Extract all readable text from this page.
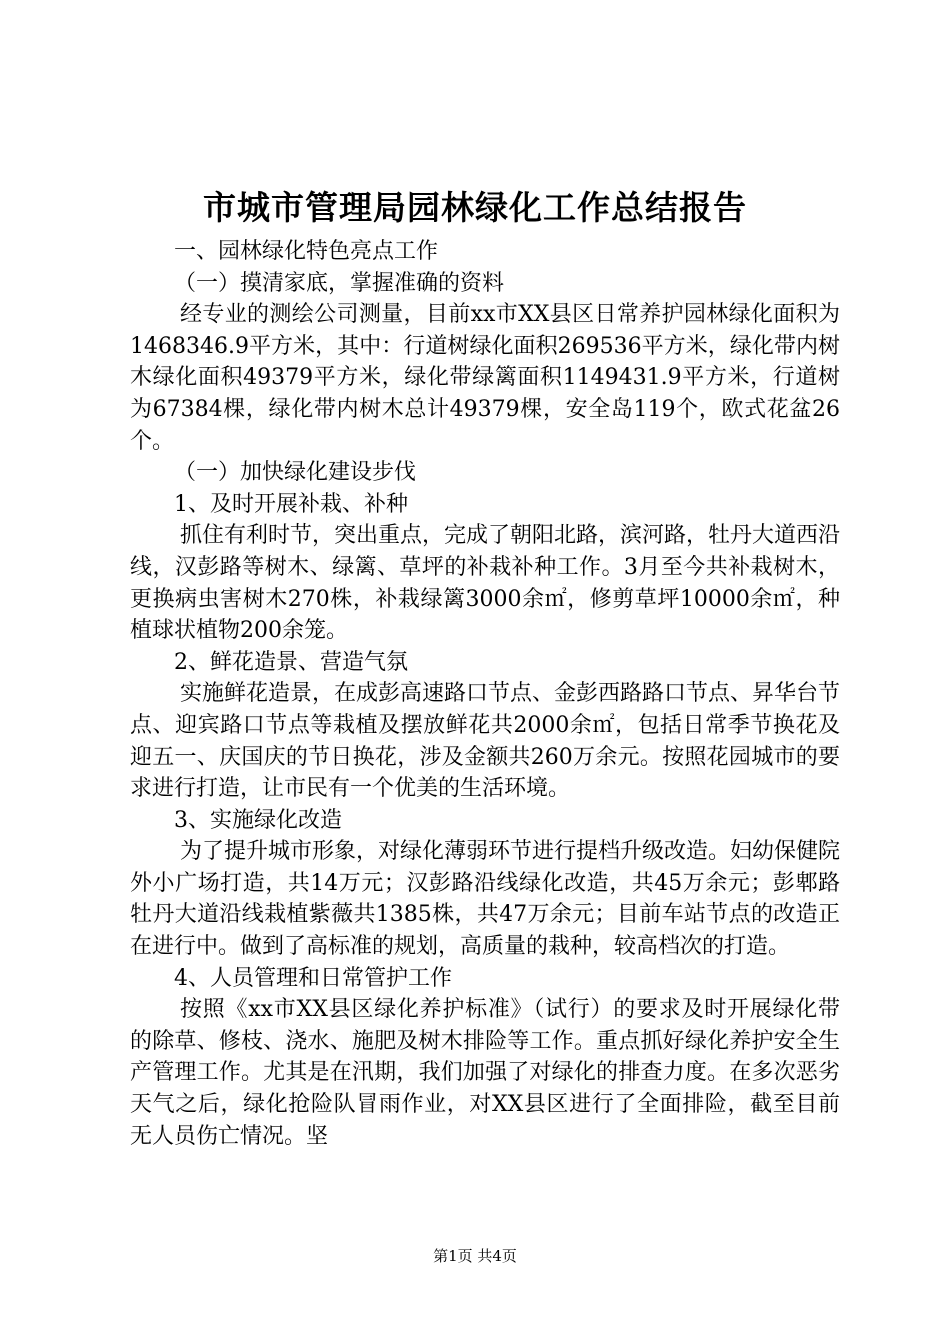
市城市管理局园林绿化工作总结报告

一、园林绿化特色亮点工作

（一）摸清家底，掌握准确的资料

经专业的测绘公司测量，目前xx市XX县区日常养护园林绿化面积为1468346.9平方米，其中：行道树绿化面积269536平方米，绿化带内树木绿化面积49379平方米，绿化带绿篱面积1149431.9平方米，行道树为67384棵，绿化带内树木总计49379棵，安全岛119个，欧式花盆26个。

（一）加快绿化建设步伐

1、及时开展补栽、补种

抓住有利时节，突出重点，完成了朝阳北路，滨河路，牡丹大道西沿线，汉彭路等树木、绿篱、草坪的补栽补种工作。3月至今共补栽树木，更换病虫害树木270株，补栽绿篱3000余㎡，修剪草坪10000余㎡，种植球状植物200余笼。

2、鲜花造景、营造气氛

实施鲜花造景，在成彭高速路口节点、金彭西路路口节点、昇华台节点、迎宾路口节点等栽植及摆放鲜花共2000余㎡，包括日常季节换花及迎五一、庆国庆的节日换花，涉及金额共260万余元。按照花园城市的要求进行打造，让市民有一个优美的生活环境。

3、实施绿化改造

为了提升城市形象，对绿化薄弱环节进行提档升级改造。妇幼保健院外小广场打造，共14万元；汉彭路沿线绿化改造，共45万余元；彭郫路牡丹大道沿线栽植紫薇共1385株，共47万余元；目前车站节点的改造正在进行中。做到了高标准的规划，高质量的栽种，较高档次的打造。

4、人员管理和日常管护工作

按照《xx市XX县区绿化养护标准》（试行）的要求及时开展绿化带的除草、修枝、浇水、施肥及树木排险等工作。重点抓好绿化养护安全生产管理工作。尤其是在汛期，我们加强了对绿化的排查力度。在多次恶劣天气之后，绿化抢险队冒雨作业，对XX县区进行了全面排险，截至目前无人员伤亡情况。坚

第1页 共4页
